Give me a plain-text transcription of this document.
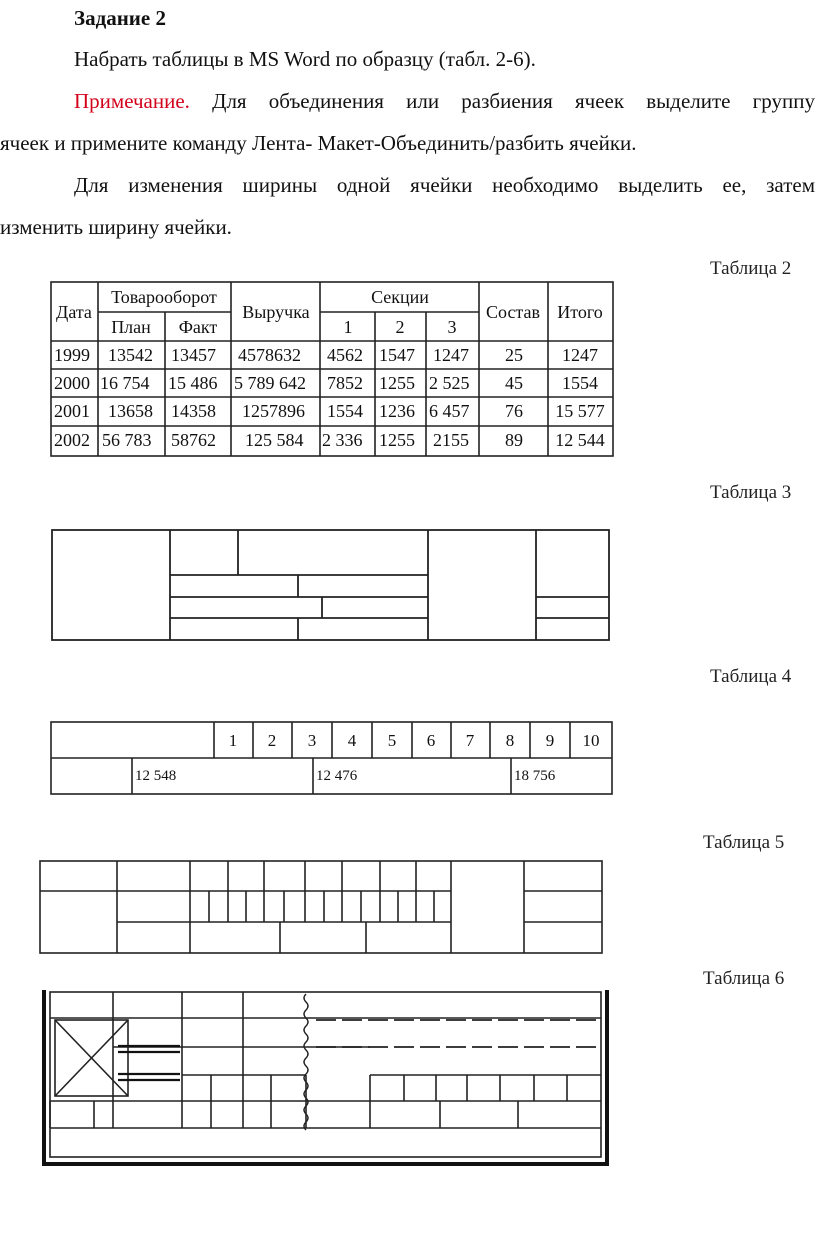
Задание 2
Набрать таблицы в MS Word по образцу (табл. 2-6).
Примечание. Для объединения или разбиения ячеек выделите группу
ячеек и примените команду Лента- Макет-Объединить/разбить ячейки.
Для изменения ширины одной ячейки необходимо выделить ее, затем
изменить ширину ячейки.
Таблица 2
Таблица 3
Таблица 4
Таблица 5
Таблица 6
Дата
Товарооборот
План Факт
Выручка
Секции
1 2 3
Состав Итого
1999 13542 13457 4578632 4562 1547 1247 25 1247
2000 16 754 15 486 5 789 642 7852 1255 2 525 45 1554
2001 13658 14358 1257896 1554 1236 6 457 76 15 577
2002 56 783 58762 125 584 2 336 1255 2155 89 12 544
1 2 3 4 5 6 7 8 9 10
12 548	12 476	18 756
